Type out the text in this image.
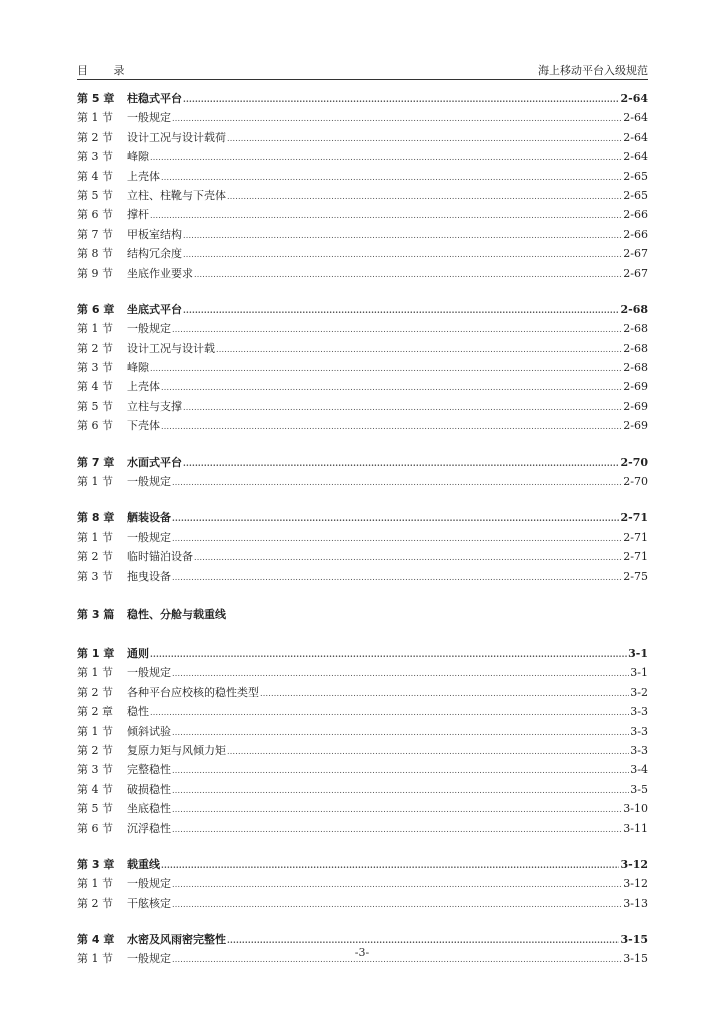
目 录	海上移动平台入级规范
第 5 章	柱稳式平台 .....	2-64
第 1 节	一般规定 .....	2-64
第 2 节	设计工况与设计载荷 .....	2-64
第 3 节	峰隙 .....	2-64
第 4 节	上壳体 .....	2-65
第 5 节	立柱、柱靴与下壳体 .....	2-65
第 6 节	撑杆 .....	2-66
第 7 节	甲板室结构 .....	2-66
第 8 节	结构冗余度 .....	2-67
第 9 节	坐底作业要求 .....	2-67
第 6 章	坐底式平台 .....	2-68
第 1 节	一般规定 .....	2-68
第 2 节	设计工况与设计载 .....	2-68
第 3 节	峰隙 .....	2-68
第 4 节	上壳体 .....	2-69
第 5 节	立柱与支撑 .....	2-69
第 6 节	下壳体 .....	2-69
第 7 章	水面式平台 .....	2-70
第 1 节	一般规定 .....	2-70
第 8 章	舾装设备 .....	2-71
第 1 节	一般规定 .....	2-71
第 2 节	临时锚泊设备 .....	2-71
第 3 节	拖曳设备 .....	2-75
第 3 篇	稳性、分舱与载重线
第 1 章	通则 .....	3-1
第 1 节	一般规定 .....	3-1
第 2 节	各种平台应校核的稳性类型 .....	3-2
第 2 章	稳性 .....	3-3
第 1 节	倾斜试验 .....	3-3
第 2 节	复原力矩与风倾力矩 .....	3-3
第 3 节	完整稳性 .....	3-4
第 4 节	破损稳性 .....	3-5
第 5 节	坐底稳性 .....	3-10
第 6 节	沉浮稳性 .....	3-11
第 3 章	载重线 .....	3-12
第 1 节	一般规定 .....	3-12
第 2 节	干舷核定 .....	3-13
第 4 章	水密及风雨密完整性 .....	3-15
第 1 节	一般规定 .....	3-15
-3-
